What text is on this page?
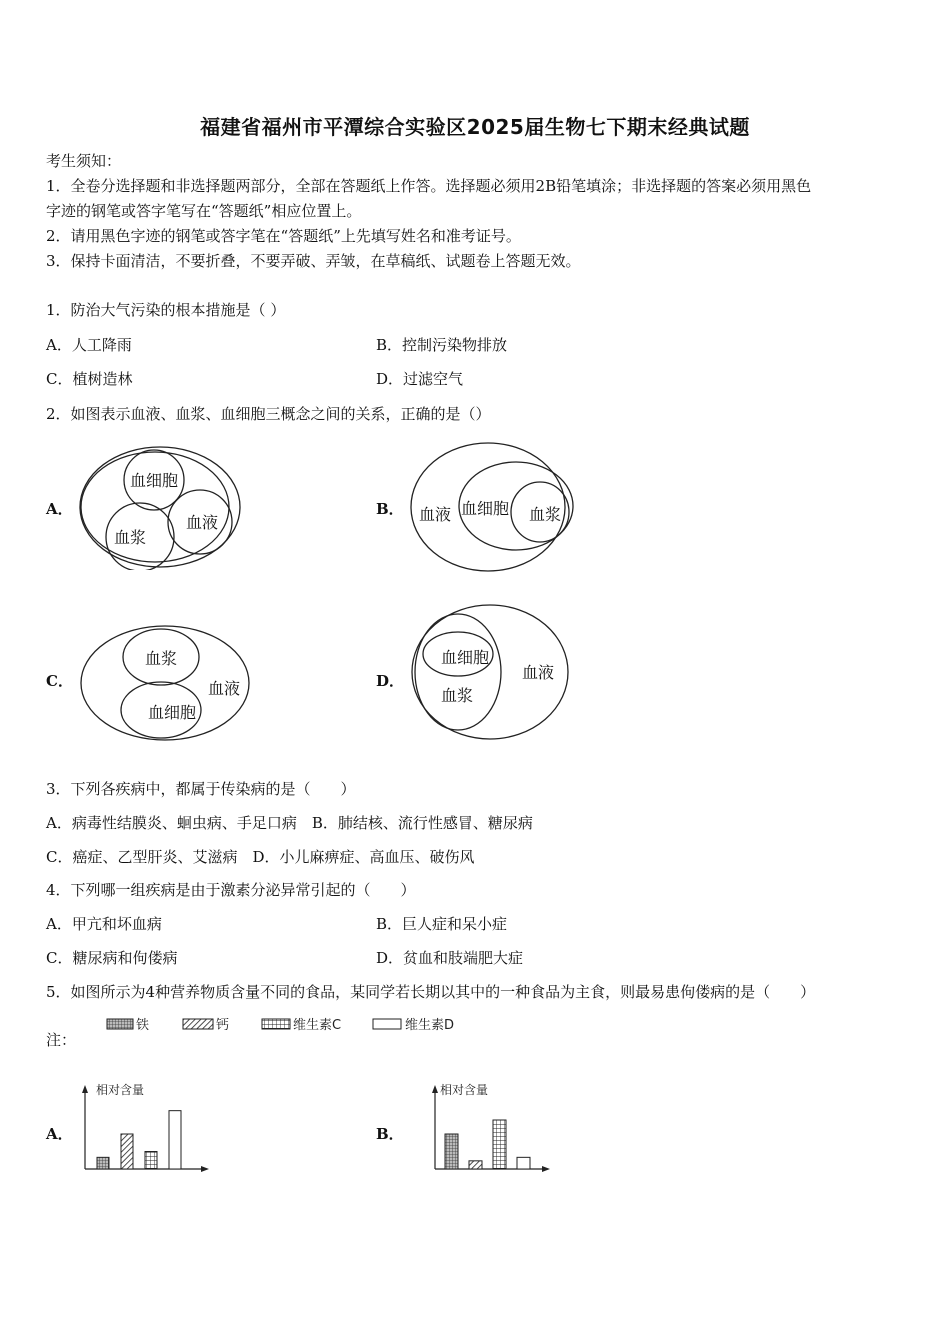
福建省福州市平潭综合实验区2025届生物七下期末经典试题
考生须知：
1．全卷分选择题和非选择题两部分，全部在答题纸上作答。选择题必须用2B铅笔填涂；非选择题的答案必须用黑色
字迹的钢笔或答字笔写在“答题纸”相应位置上。
2．请用黑色字迹的钢笔或答字笔在“答题纸”上先填写姓名和准考证号。
3．保持卡面清洁，不要折叠，不要弄破、弄皱，在草稿纸、试题卷上答题无效。
1．防治大气污染的根本措施是（ ）
A．人工降雨	B．控制污染物排放
C．植树造林	D．过滤空气
2．如图表示血液、血浆、血细胞三概念之间的关系，正确的是（）
A．	B．
C．	D．
血细胞
血浆
血液	血液 血细胞 血浆
血浆
血液
血细胞
血细胞
血浆
血液
3．下列各疾病中，都属于传染病的是（　　）
A．病毒性结膜炎、蛔虫病、手足口病　B．肺结核、流行性感冒、糖尿病
C．癌症、乙型肝炎、艾滋病　D．小儿麻痹症、高血压、破伤风
4．下列哪一组疾病是由于激素分泌异常引起的（　　）
A．甲亢和坏血病	B．巨人症和呆小症
C．糖尿病和佝偻病	D．贫血和肢端肥大症
5．如图所示为4种营养物质含量不同的食品，某同学若长期以其中的一种食品为主食，则最易患佝偻病的是（　　）
注：
铁	钙	维生素C	维生素D
A．	B．
相对含量	相对含量
